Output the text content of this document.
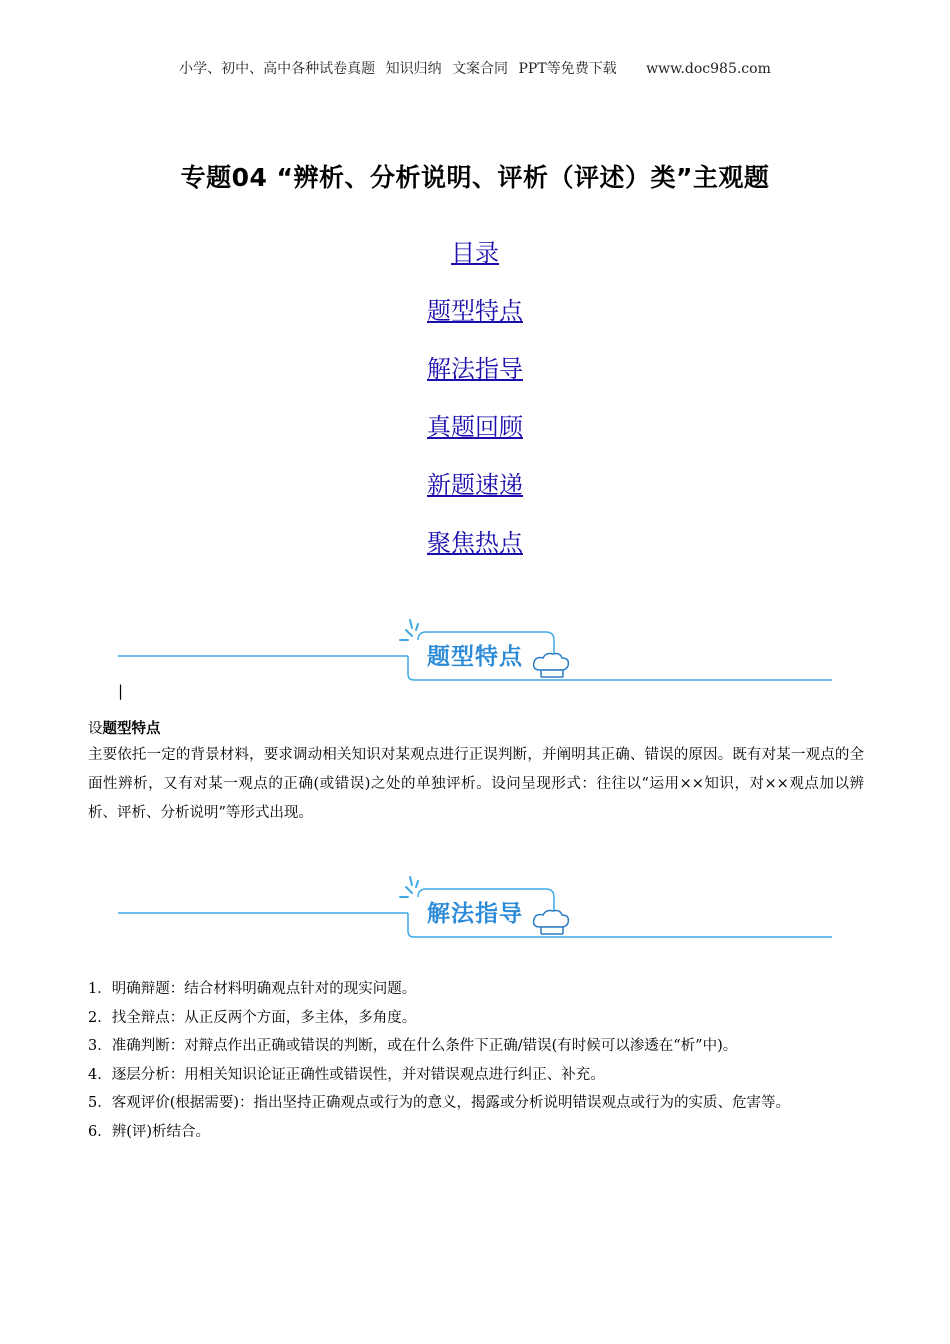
小学、初中、高中各种试卷真题 知识归纳 文案合同 PPT等免费下载 www.doc985.com
专题04 “辨析、分析说明、评析（评述）类”主观题
目录
题型特点
解法指导
真题回顾
新题速递
聚焦热点
题型特点
|
设题型特点

主要依托一定的背景材料，要求调动相关知识对某观点进行正误判断，并阐明其正确、错误的原因。既有对某一观点的全面性辨析，又有对某一观点的正确(或错误)之处的单独评析。设问呈现形式：往往以“运用××知识，对××观点加以辨析、评析、分析说明”等形式出现。

解法指导
1．明确辩题：结合材料明确观点针对的现实问题。
2．找全辩点：从正反两个方面，多主体，多角度。
3．准确判断：对辩点作出正确或错误的判断，或在什么条件下正确/错误(有时候可以渗透在“析”中)。
4．逐层分析：用相关知识论证正确性或错误性，并对错误观点进行纠正、补充。
5．客观评价(根据需要)：指出坚持正确观点或行为的意义，揭露或分析说明错误观点或行为的实质、危害等。
6．辨(评)析结合。
